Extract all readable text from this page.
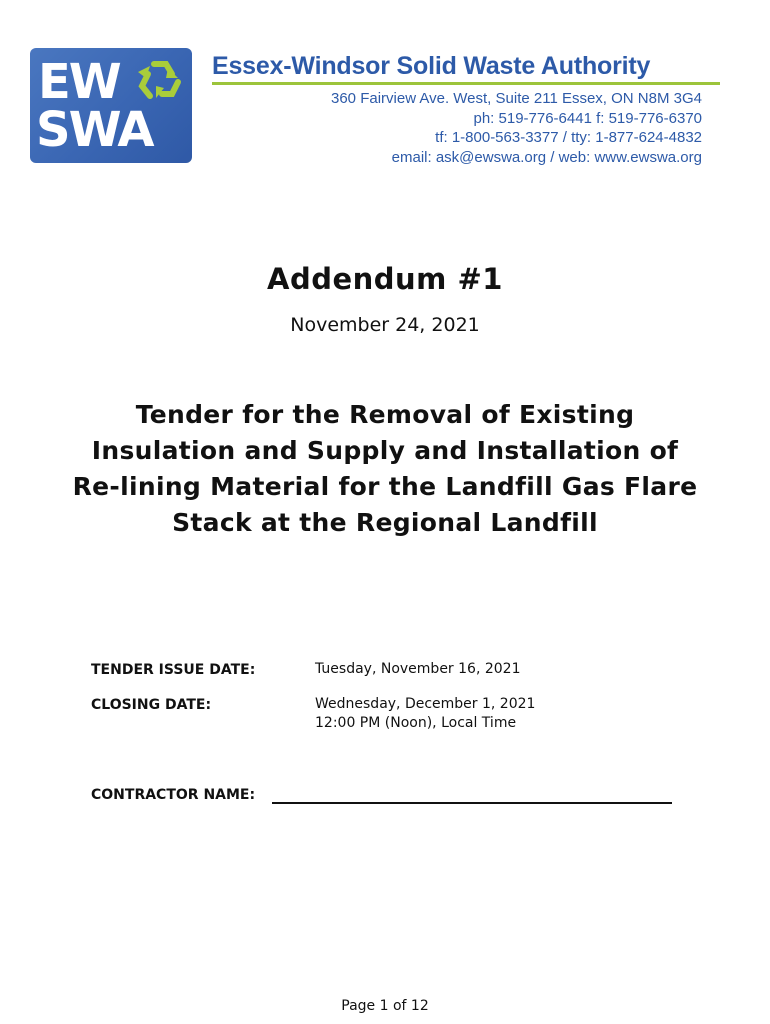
EW
SWA
Essex-Windsor Solid Waste Authority
360 Fairview Ave. West, Suite 211 Essex, ON N8M 3G4
ph: 519-776-6441 f: 519-776-6370
tf: 1-800-563-3377 / tty: 1-877-624-4832
email: ask@ewswa.org / web: www.ewswa.org
Addendum #1
November 24, 2021
Tender for the Removal of Existing
Insulation and Supply and Installation of
Re-lining Material for the Landfill Gas Flare
Stack at the Regional Landfill
TENDER ISSUE DATE:	Tuesday, November 16, 2021
CLOSING DATE:	Wednesday, December 1, 2021
12:00 PM (Noon), Local Time
CONTRACTOR NAME:
Page 1 of 12
